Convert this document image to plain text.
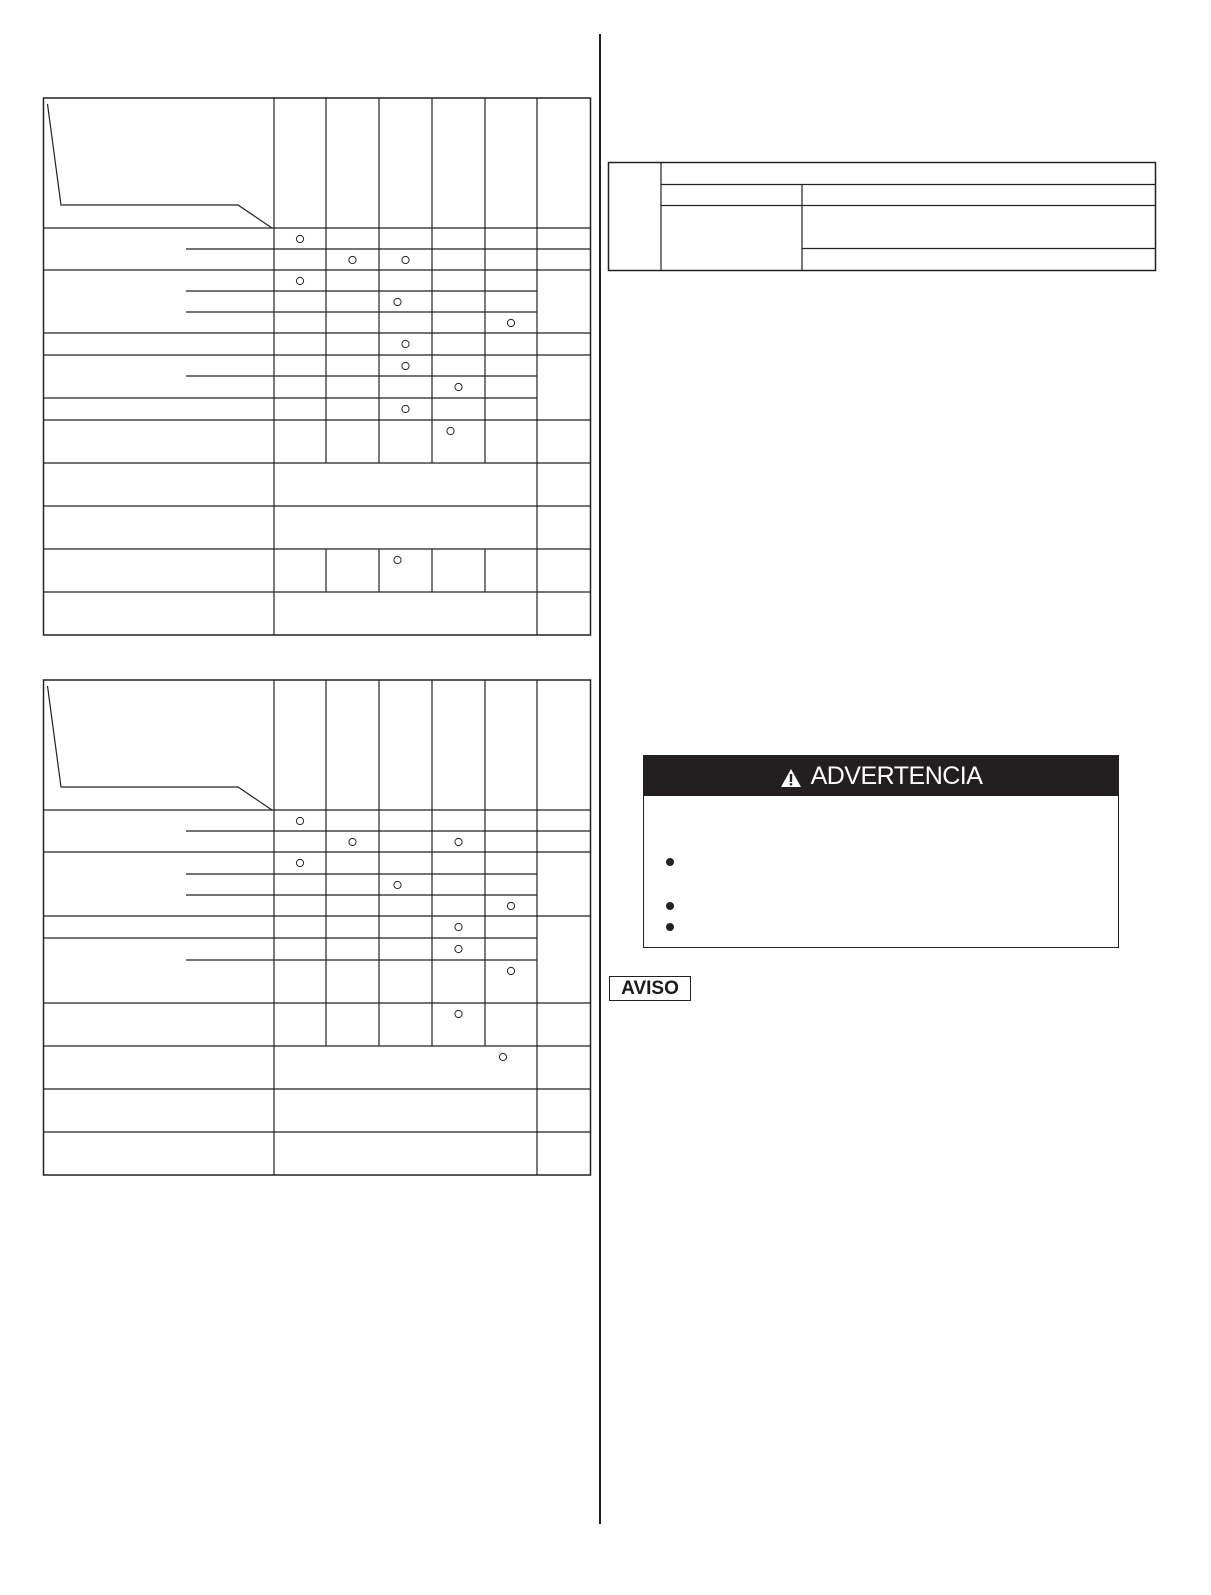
ADVERTENCIA
AVISO
